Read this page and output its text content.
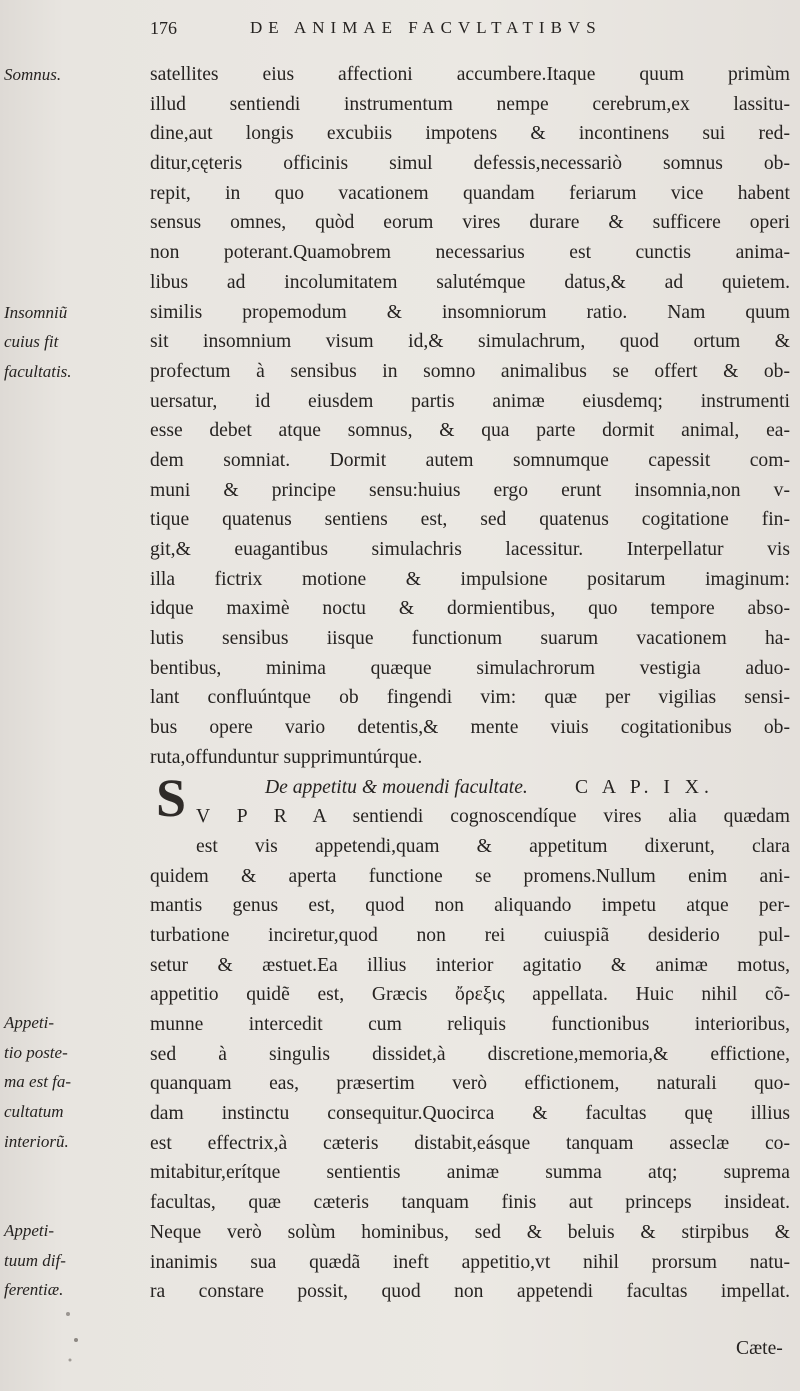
176	DE ANIMAE FACVLTATIBVS
Somnus.
Insomniũ
cuius fit
facultatis.
Appeti-
tio poste-
ma est fa-
cultatum
interiorũ.
Appeti-
tuum dif-
ferentiæ.
satellites eius affectioni accumbere.Itaque quum primùm
illud sentiendi instrumentum nempe cerebrum,ex lassitu-
dine,aut longis excubiis impotens & incontinens sui red-
ditur,cęteris officinis simul defessis,necessariò somnus ob-
repit, in quo vacationem quandam feriarum vice habent
sensus omnes, quòd eorum vires durare & sufficere operi
non poterant.Quamobrem necessarius est cunctis anima-
libus ad incolumitatem salutémque datus,& ad quietem.
similis propemodum & insomniorum ratio. Nam quum
sit insomnium visum id,& simulachrum, quod ortum &
profectum à sensibus in somno animalibus se offert & ob-
uersatur, id eiusdem partis animæ eiusdemq; instrumenti
esse debet atque somnus, & qua parte dormit animal, ea-
dem somniat. Dormit autem somnumque capessit com-
muni & principe sensu:huius ergo erunt insomnia,non v-
tique quatenus sentiens est, sed quatenus cogitatione fin-
git,& euagantibus simulachris lacessitur. Interpellatur vis
illa fictrix motione & impulsione positarum imaginum:
idque maximè noctu & dormientibus, quo tempore abso-
lutis sensibus iisque functionum suarum vacationem ha-
bentibus, minima quæque simulachrorum vestigia aduo-
lant confluúntque ob fingendi vim: quæ per vigilias sensi-
bus opere vario detentis,& mente viuis cogitationibus ob-
ruta,offunduntur supprimuntúrque.
De appetitu & mouendi facultate. C A P. I X.
V P R A sentiendi cognoscendíque vires alia quædam
est vis appetendi,quam & appetitum dixerunt, clara
quidem & aperta functione se promens.Nullum enim ani-
mantis genus est, quod non aliquando impetu atque per-
turbatione inciretur,quod non rei cuiuspiã desiderio pul-
setur & æstuet.Ea illius interior agitatio & animæ motus,
appetitio quidẽ est, Græcis ὄρεξις appellata. Huic nihil cõ-
munne intercedit cum reliquis functionibus interioribus,
sed à singulis dissidet,à discretione,memoria,& effictione,
quanquam eas, præsertim verò effictionem, naturali quo-
dam instinctu consequitur.Quocirca & facultas quę illius
est effectrix,à cæteris distabit,eásque tanquam asseclæ co-
mitabitur,erítque sentientis animæ summa atq; suprema
facultas, quæ cæteris tanquam finis aut princeps insideat.
Neque verò solùm hominibus, sed & beluis & stirpibus &
inanimis sua quædã ineft appetitio,vt nihil prorsum natu-
ra constare possit, quod non appetendi facultas impellat.
S
Cæte-
